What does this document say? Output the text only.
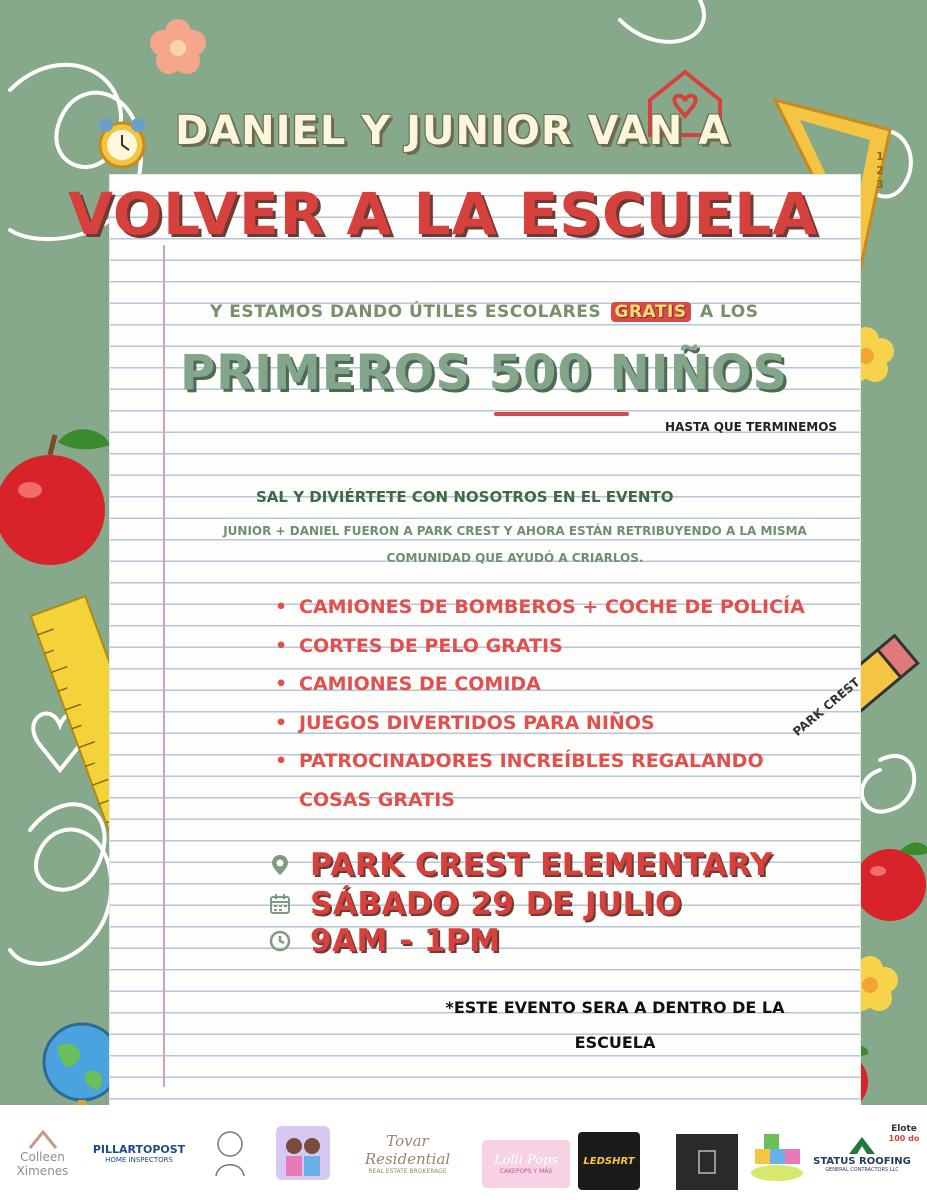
DANIEL Y JUNIOR VAN A
VOLVER A LA ESCUELA
Y ESTAMOS DANDO ÚTILES ESCOLARES GRATIS A LOS
PRIMEROS 500 NIÑOS
HASTA QUE TERMINEMOS
SAL Y DIVIÉRTETE CON NOSOTROS EN EL EVENTO
JUNIOR + DANIEL FUERON A PARK CREST Y AHORA ESTÁN RETRIBUYENDO A LA MISMA COMUNIDAD QUE AYUDÓ A CRIARLOS.
• CAMIONES DE BOMBEROS + COCHE DE POLICÍA
• CORTES DE PELO GRATIS
• CAMIONES DE COMIDA
• JUEGOS DIVERTIDOS PARA NIÑOS
• PATROCINADORES INCREÍBLES REGALANDO
COSAS GRATIS
PARK CREST ELEMENTARY
SÁBADO 29 DE JULIO
9AM - 1PM
*ESTE EVENTO SERA A DENTRO DE LA ESCUELA
PARK CREST
1
2
3
Colleen
Ximenes
PILLARTOPOST
HOME INSPECTORS
Tovar Residential
REAL ESTATE BROKERAGE
Lolli Pops
CAKEPOPS Y MÁS
LEDSHRT	STATUS ROOFING
GENERAL CONTRACTORS LLC
Elote
100 do
